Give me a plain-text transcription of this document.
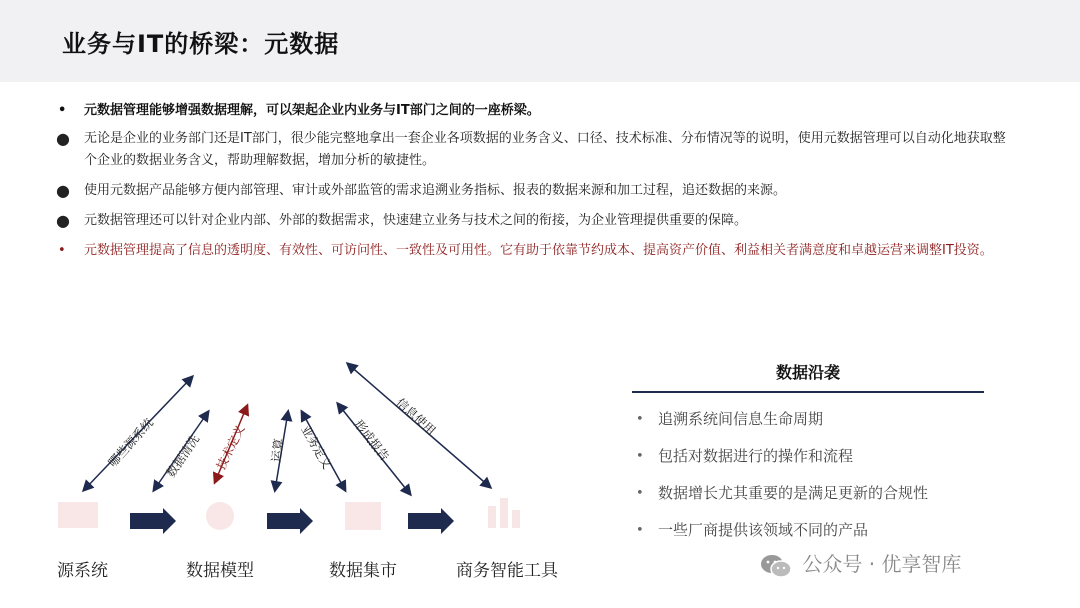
业务与IT的桥梁：元数据
• 元数据管理能够增强数据理解，可以架起企业内业务与IT部门之间的一座桥梁。
● 无论是企业的业务部门还是IT部门，很少能完整地拿出一套企业各项数据的业务含义、口径、技术标准、分布情况等的说明，使用元数据管理可以自动化地获取整个企业的数据业务含义，帮助理解数据，增加分析的敏捷性。
● 使用元数据产品能够方便内部管理、审计或外部监管的需求追溯业务指标、报表的数据来源和加工过程，追还数据的来源。
● 元数据管理还可以针对企业内部、外部的数据需求，快速建立业务与技术之间的衔接，为企业管理提供重要的保障。
• 元数据管理提高了信息的透明度、有效性、可访问性、一致性及可用性。它有助于依靠节约成本、提高资产价值、利益相关者满意度和卓越运营来调整IT投资。
哪些源系统 数据清洗 技术定义 运算 业务定义 形成报告
信息使用
源系统	数据模型	数据集市	商务智能工具
数据沿袭
• 追溯系统间信息生命周期
• 包括对数据进行的操作和流程
• 数据增长尤其重要的是满足更新的合规性
• 一些厂商提供该领域不同的产品
公众号 · 优享智库
